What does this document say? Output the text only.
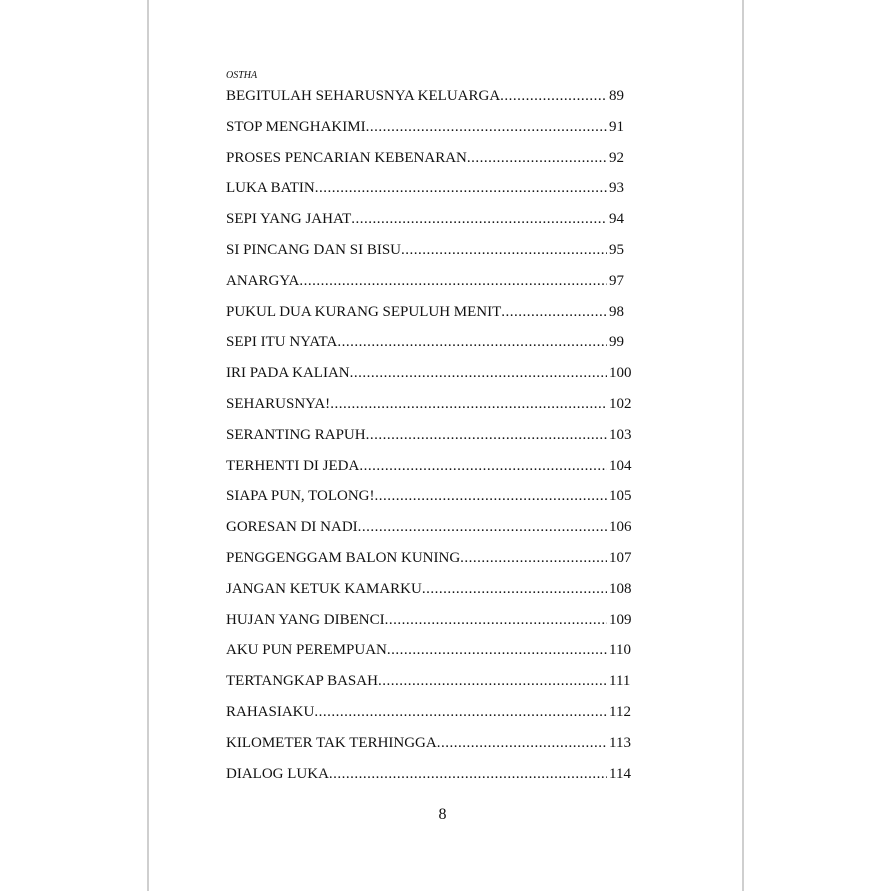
OSTHA
BEGITULAH SEHARUSNYA KELUARGA .....	89
STOP MENGHAKIMI .....	91
PROSES PENCARIAN KEBENARAN .....	92
LUKA BATIN .....	93
SEPI YANG JAHAT .....	94
SI PINCANG DAN SI BISU .....	95
ANARGYA .....	97
PUKUL DUA KURANG SEPULUH MENIT .....	98
SEPI ITU NYATA .....	99
IRI PADA KALIAN .....	100
SEHARUSNYA! .....	102
SERANTING RAPUH .....	103
TERHENTI DI JEDA .....	104
SIAPA PUN, TOLONG! .....	105
GORESAN DI NADI .....	106
PENGGENGGAM BALON KUNING .....	107
JANGAN KETUK KAMARKU .....	108
HUJAN YANG DIBENCI .....	109
AKU PUN PEREMPUAN .....	110
TERTANGKAP BASAH .....	111
RAHASIAKU .....	112
KILOMETER TAK TERHINGGA .....	113
DIALOG LUKA .....	114
8
